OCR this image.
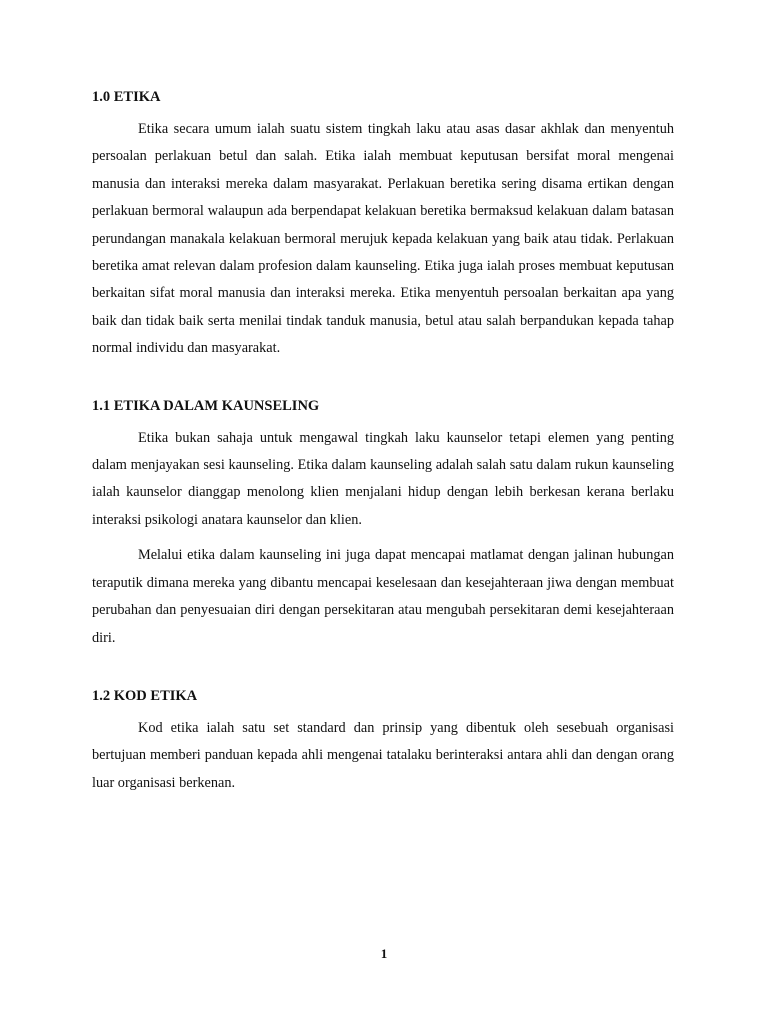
1.0 ETIKA

Etika secara umum ialah suatu sistem tingkah laku atau asas dasar akhlak dan menyentuh persoalan perlakuan betul dan salah. Etika ialah membuat keputusan bersifat moral mengenai manusia dan interaksi mereka dalam masyarakat. Perlakuan beretika sering disama ertikan dengan perlakuan bermoral walaupun ada berpendapat kelakuan beretika bermaksud kelakuan dalam batasan perundangan manakala kelakuan bermoral merujuk kepada kelakuan yang baik atau tidak. Perlakuan beretika amat relevan dalam profesion dalam kaunseling. Etika juga ialah proses membuat keputusan berkaitan sifat moral manusia dan interaksi mereka. Etika menyentuh persoalan berkaitan apa yang baik dan tidak baik serta menilai tindak tanduk manusia, betul atau salah berpandukan kepada tahap normal individu dan masyarakat.

1.1 ETIKA DALAM KAUNSELING

Etika bukan sahaja untuk mengawal tingkah laku kaunselor tetapi elemen yang penting dalam menjayakan sesi kaunseling. Etika dalam kaunseling adalah salah satu dalam rukun kaunseling ialah kaunselor dianggap menolong klien menjalani hidup dengan lebih berkesan kerana berlaku interaksi psikologi anatara kaunselor dan klien.

Melalui etika dalam kaunseling ini juga dapat mencapai matlamat dengan jalinan hubungan teraputik dimana mereka yang dibantu mencapai keselesaan dan kesejahteraan jiwa dengan membuat perubahan dan penyesuaian diri dengan persekitaran atau mengubah persekitaran demi kesejahteraan diri.

1.2 KOD ETIKA

Kod etika ialah satu set standard dan prinsip yang dibentuk oleh sesebuah organisasi bertujuan memberi panduan kepada ahli mengenai tatalaku berinteraksi antara ahli dan dengan orang luar organisasi berkenan.

1
